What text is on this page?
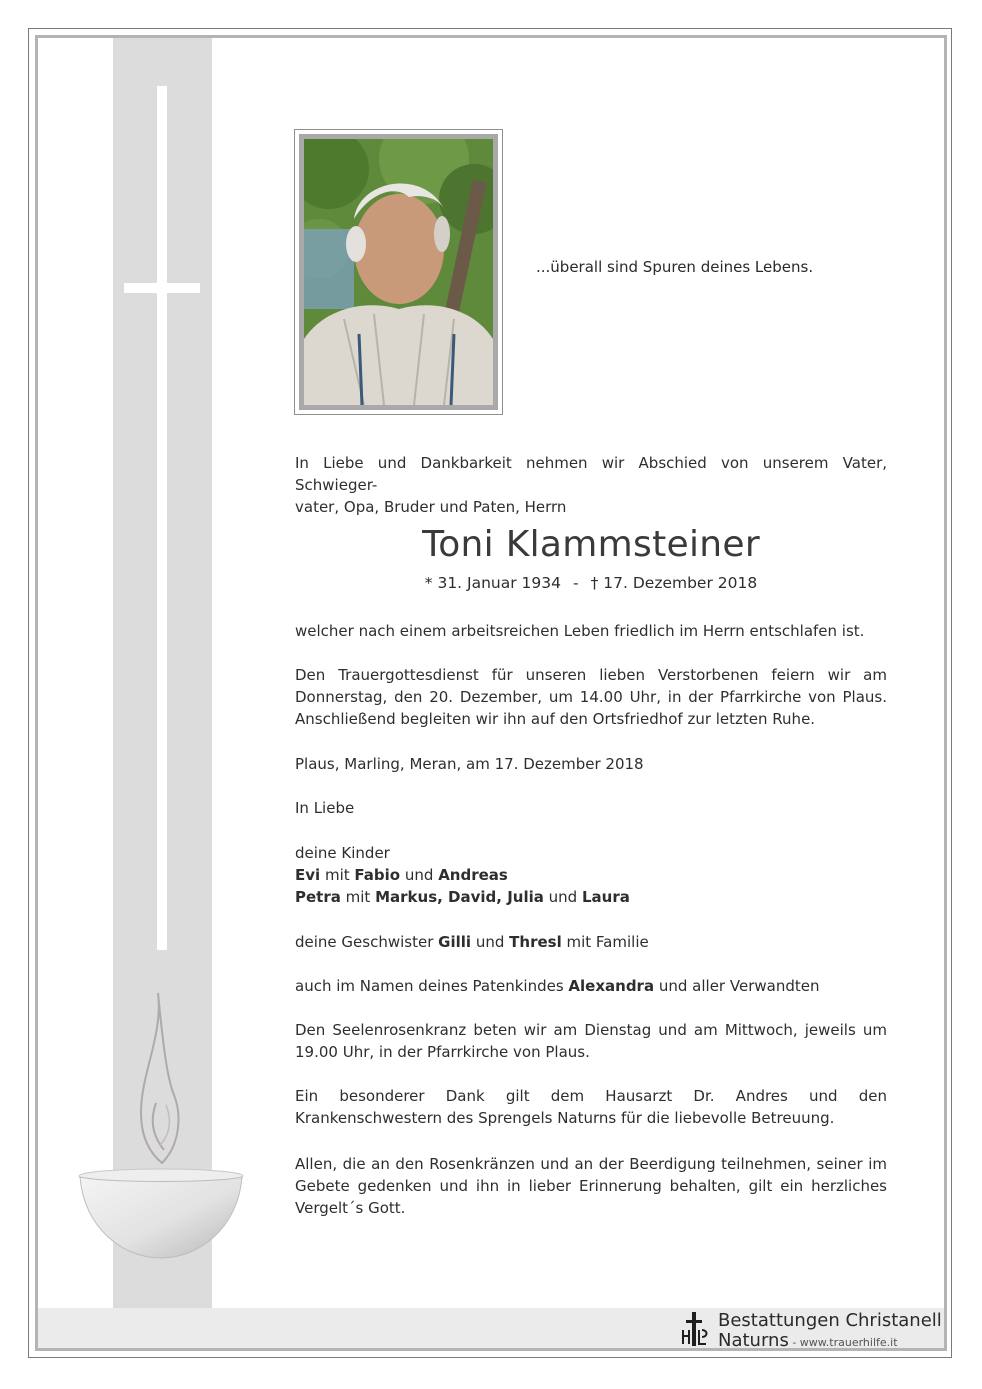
...überall sind Spuren deines Lebens.

In Liebe und Dankbarkeit nehmen wir Abschied von unserem Vater, Schwieger-

vater, Opa, Bruder und Paten, Herrn

Toni Klammsteiner
* 31. Januar 1934 - † 17. Dezember 2018

welcher nach einem arbeitsreichen Leben friedlich im Herrn entschlafen ist.

Den Trauergottesdienst für unseren lieben Verstorbenen feiern wir am Donnerstag, den 20. Dezember, um 14.00 Uhr, in der Pfarrkirche von Plaus. Anschließend begleiten wir ihn auf den Ortsfriedhof zur letzten Ruhe.

Plaus, Marling, Meran, am 17. Dezember 2018

In Liebe

deine Kinder

Evi mit Fabio und Andreas

Petra mit Markus, David, Julia und Laura

deine Geschwister Gilli und Thresl mit Familie

auch im Namen deines Patenkindes Alexandra und aller Verwandten

Den Seelenrosenkranz beten wir am Dienstag und am Mittwoch, jeweils um 19.00 Uhr, in der Pfarrkirche von Plaus.

Ein besonderer Dank gilt dem Hausarzt Dr. Andres und den Krankenschwestern des Sprengels Naturns für die liebevolle Betreuung.

Allen, die an den Rosenkränzen und an der Beerdigung teilnehmen, seiner im Gebete gedenken und ihn in lieber Erinnerung behalten, gilt ein herzliches Vergelt´s Gott.

Bestattungen Christanell
Naturns - www.trauerhilfe.it
